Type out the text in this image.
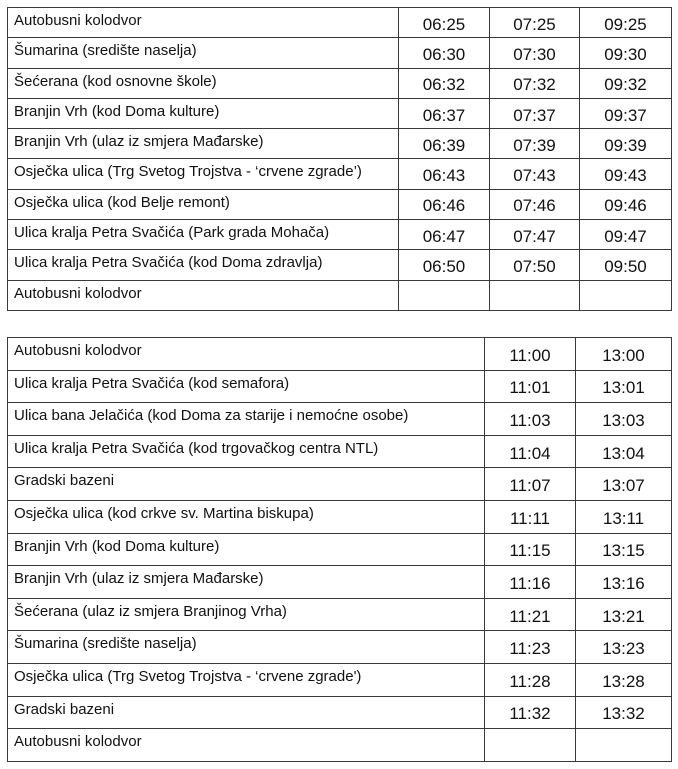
Autobusni kolodvor	06:25	07:25	09:25
Šumarina (središte naselja)	06:30	07:30	09:30
Šećerana (kod osnovne škole)	06:32	07:32	09:32
Branjin Vrh (kod Doma kulture)	06:37	07:37	09:37
Branjin Vrh (ulaz iz smjera Mađarske)	06:39	07:39	09:39
Osječka ulica (Trg Svetog Trojstva - ‘crvene zgrade’)	06:43	07:43	09:43
Osječka ulica (kod Belje remont)	06:46	07:46	09:46
Ulica kralja Petra Svačića (Park grada Mohača)	06:47	07:47	09:47
Ulica kralja Petra Svačića (kod Doma zdravlja)	06:50	07:50	09:50
Autobusni kolodvor			
Autobusni kolodvor	11:00	13:00
Ulica kralja Petra Svačića (kod semafora)	11:01	13:01
Ulica bana Jelačića (kod Doma za starije i nemoćne osobe)	11:03	13:03
Ulica kralja Petra Svačića (kod trgovačkog centra NTL)	11:04	13:04
Gradski bazeni	11:07	13:07
Osječka ulica (kod crkve sv. Martina biskupa)	11:11	13:11
Branjin Vrh (kod Doma kulture)	11:15	13:15
Branjin Vrh (ulaz iz smjera Mađarske)	11:16	13:16
Šećerana (ulaz iz smjera Branjinog Vrha)	11:21	13:21
Šumarina (središte naselja)	11:23	13:23
Osječka ulica (Trg Svetog Trojstva - ‘crvene zgrade')	11:28	13:28
Gradski bazeni	11:32	13:32
Autobusni kolodvor		
